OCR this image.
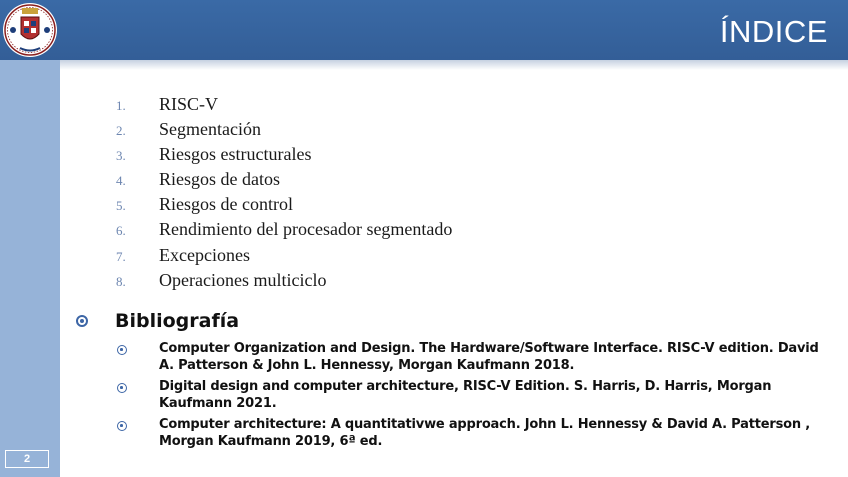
ÍNDICE
2
1.	RISC-V
2.	Segmentación
3.	Riesgos estructurales
4.	Riesgos de datos
5.	Riesgos de control
6.	Rendimiento del procesador segmentado
7.	Excepciones
8.	Operaciones multiciclo
Bibliografía
Computer Organization and Design. The Hardware/Software Interface. RISC-V edition. David A. Patterson & John L. Hennessy, Morgan Kaufmann 2018.
Digital design and computer architecture, RISC-V Edition. S. Harris, D. Harris, Morgan Kaufmann 2021.
Computer architecture: A quantitativwe approach. John L. Hennessy & David A. Patterson , Morgan Kaufmann 2019, 6ª ed.
